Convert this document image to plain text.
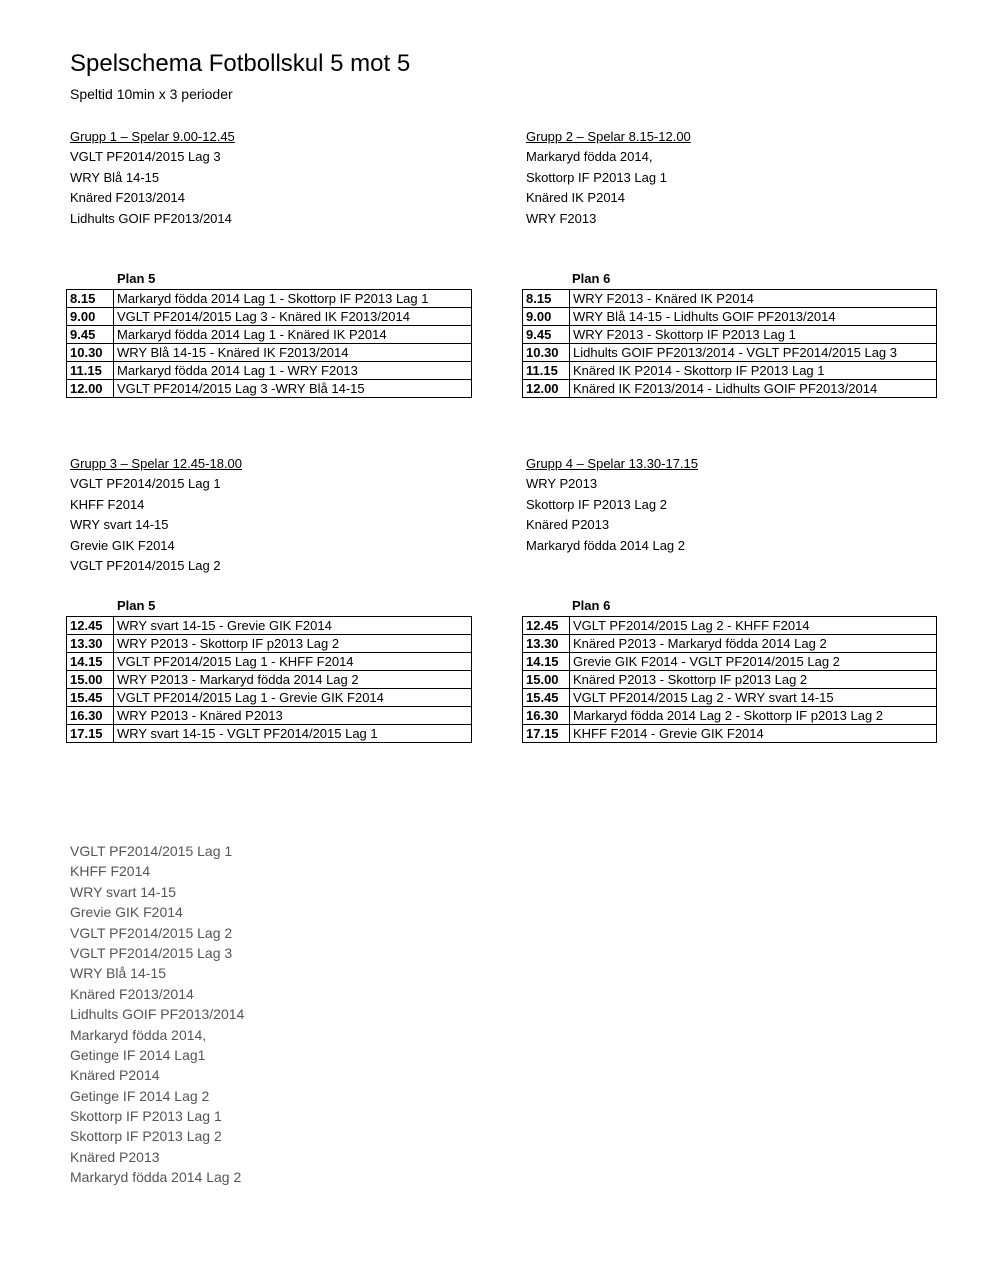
Spelschema Fotbollskul 5 mot 5
Speltid 10min x 3 perioder
Grupp 1 – Spelar 9.00-12.45
VGLT PF2014/2015 Lag 3
WRY Blå 14-15
Knäred F2013/2014
Lidhults GOIF PF2013/2014
Grupp 2 – Spelar 8.15-12.00
Markaryd födda 2014,
Skottorp IF P2013 Lag 1
Knäred IK P2014
WRY F2013
Plan 5
8.15	Markaryd födda 2014 Lag 1 - Skottorp IF P2013 Lag 1
9.00	VGLT PF2014/2015 Lag 3 - Knäred IK F2013/2014
9.45	Markaryd födda 2014 Lag 1 - Knäred IK P2014
10.30	WRY Blå 14-15 - Knäred IK F2013/2014
11.15	Markaryd födda 2014 Lag 1 - WRY F2013
12.00	VGLT PF2014/2015 Lag 3 -WRY Blå 14-15
Plan 6
8.15	WRY F2013 - Knäred IK P2014
9.00	WRY Blå 14-15 - Lidhults GOIF PF2013/2014
9.45	WRY F2013 - Skottorp IF P2013 Lag 1
10.30	Lidhults GOIF PF2013/2014 - VGLT PF2014/2015 Lag 3
11.15	Knäred IK P2014 - Skottorp IF P2013 Lag 1
12.00	Knäred IK F2013/2014 - Lidhults GOIF PF2013/2014
Grupp 3 – Spelar 12.45-18.00
VGLT PF2014/2015 Lag 1
KHFF F2014
WRY svart 14-15
Grevie GIK F2014
VGLT PF2014/2015 Lag 2
Grupp 4 – Spelar 13.30-17.15
WRY P2013
Skottorp IF P2013 Lag 2
Knäred P2013
Markaryd födda 2014 Lag 2
Plan 5
12.45	WRY svart 14-15 - Grevie GIK F2014
13.30	WRY P2013 - Skottorp IF p2013 Lag 2
14.15	VGLT PF2014/2015 Lag 1 - KHFF F2014
15.00	WRY P2013 - Markaryd födda 2014 Lag 2
15.45	VGLT PF2014/2015 Lag 1 - Grevie GIK F2014
16.30	WRY P2013 - Knäred P2013
17.15	WRY svart 14-15 - VGLT PF2014/2015 Lag 1
Plan 6
12.45	VGLT PF2014/2015 Lag 2 - KHFF F2014
13.30	Knäred P2013 - Markaryd födda 2014 Lag 2
14.15	Grevie GIK F2014 - VGLT PF2014/2015 Lag 2
15.00	Knäred P2013 - Skottorp IF p2013 Lag 2
15.45	VGLT PF2014/2015 Lag 2 - WRY svart 14-15
16.30	Markaryd födda 2014 Lag 2 - Skottorp IF p2013 Lag 2
17.15	KHFF F2014 - Grevie GIK F2014
VGLT PF2014/2015 Lag 1
KHFF F2014
WRY svart 14-15
Grevie GIK F2014
VGLT PF2014/2015 Lag 2
VGLT PF2014/2015 Lag 3
WRY Blå 14-15
Knäred F2013/2014
Lidhults GOIF PF2013/2014
Markaryd födda 2014,
Getinge IF 2014 Lag1
Knäred P2014
Getinge IF 2014 Lag 2
Skottorp IF P2013 Lag 1
Skottorp IF P2013 Lag 2
Knäred P2013
Markaryd födda 2014 Lag 2
